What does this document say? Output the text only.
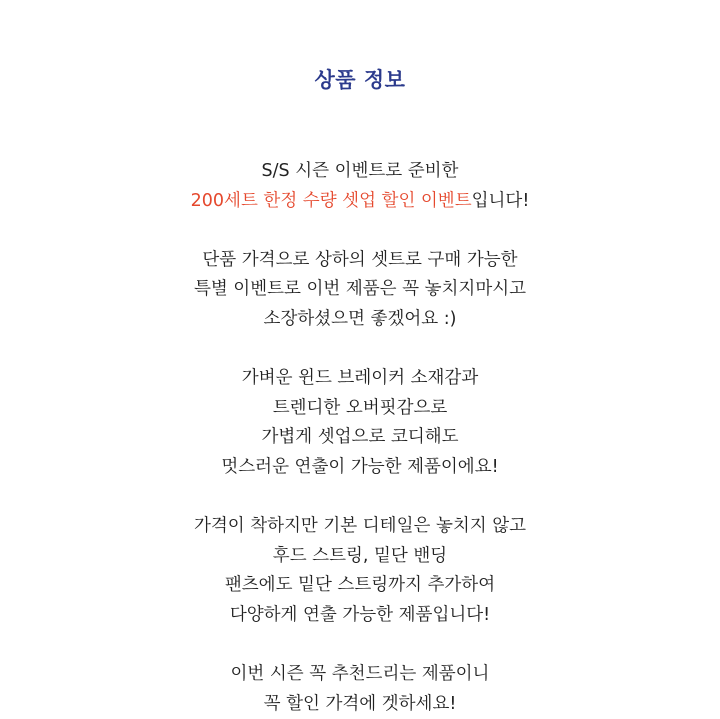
상품 정보
S/S 시즌 이벤트로 준비한
200세트 한정 수량 셋업 할인 이벤트입니다!
단품 가격으로 상하의 셋트로 구매 가능한
특별 이벤트로 이번 제품은 꼭 놓치지마시고
소장하셨으면 좋겠어요 :)
가벼운 윈드 브레이커 소재감과
트렌디한 오버핏감으로
가볍게 셋업으로 코디해도
멋스러운 연출이 가능한 제품이에요!
가격이 착하지만 기본 디테일은 놓치지 않고
후드 스트링, 밑단 밴딩
팬츠에도 밑단 스트링까지 추가하여
다양하게 연출 가능한 제품입니다!
이번 시즌 꼭 추천드리는 제품이니
꼭 할인 가격에 겟하세요!
